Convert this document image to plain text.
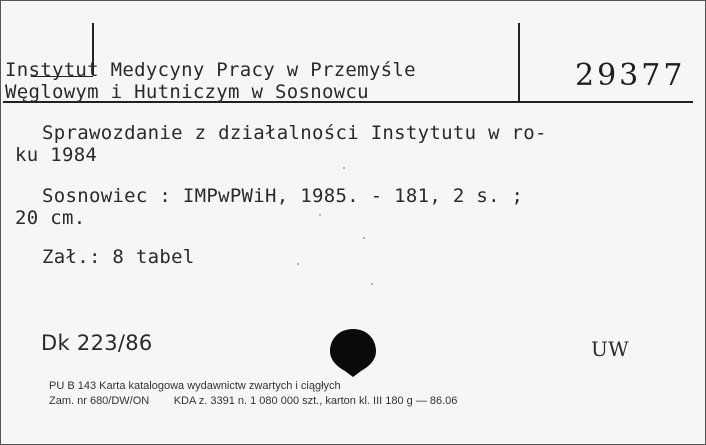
Instytut Medycyny Pracy w Przemyśle
Węglowym i Hutniczym w Sosnowcu	29377
Sprawozdanie z działalności Instytutu w ro-
ku 1984
Sosnowiec : IMPwPWiH, 1985. - 181, 2 s. ;
20 cm.
Zał.: 8 tabel
Dk 223/86	UW
PU B 143 Karta katalogowa wydawnictw zwartych i ciągłych
Zam. nr 680/DW/ON        KDA z. 3391 n. 1 080 000 szt., karton kl. III 180 g — 86.06
